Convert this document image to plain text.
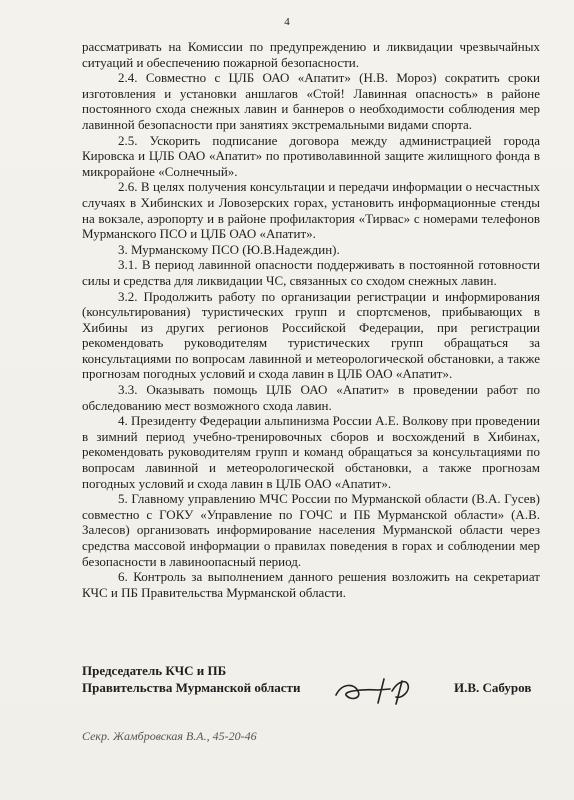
4

рассматривать на Комиссии по предупреждению и ликвидации чрезвычайных ситуаций и обеспечению пожарной безопасности.

2.4. Совместно с ЦЛБ ОАО «Апатит» (Н.В. Мороз) сократить сроки изготовления и установки аншлагов «Стой! Лавинная опасность» в районе постоянного схода снежных лавин и баннеров о необходимости соблюдения мер лавинной безопасности при занятиях экстремальными видами спорта.

2.5. Ускорить подписание договора между администрацией города Кировска и ЦЛБ ОАО «Апатит» по противолавинной защите жилищного фонда в микрорайоне «Солнечный».

2.6. В целях получения консультации и передачи информации о несчастных случаях в Хибинских и Ловозерских горах, установить информационные стенды на вокзале, аэропорту и в районе профилактория «Тирвас» с номерами телефонов Мурманского ПСО и ЦЛБ ОАО «Апатит».

3. Мурманскому ПСО (Ю.В.Надеждин).

3.1. В период лавинной опасности поддерживать в постоянной готовности силы и средства для ликвидации ЧС, связанных со сходом снежных лавин.

3.2. Продолжить работу по организации регистрации и информирования (консультирования) туристических групп и спортсменов, прибывающих в Хибины из других регионов Российской Федерации, при регистрации рекомендовать руководителям туристических групп обращаться за консультациями по вопросам лавинной и метеорологической обстановки, а также прогнозам погодных условий и схода лавин в ЦЛБ ОАО «Апатит».

3.3. Оказывать помощь ЦЛБ ОАО «Апатит» в проведении работ по обследованию мест возможного схода лавин.

4. Президенту Федерации альпинизма России А.Е. Волкову при проведении в зимний период учебно-тренировочных сборов и восхождений в Хибинах, рекомендовать руководителям групп и команд обращаться за консультациями по вопросам лавинной и метеорологической обстановки, а также прогнозам погодных условий и схода лавин в ЦЛБ ОАО «Апатит».

5. Главному управлению МЧС России по Мурманской области (В.А. Гусев) совместно с ГОКУ «Управление по ГОЧС и ПБ Мурманской области» (А.В. Залесов) организовать информирование населения Мурманской области через средства массовой информации о правилах поведения в горах и соблюдении мер безопасности в лавиноопасный период.

6. Контроль за выполнением данного решения возложить на секретариат КЧС и ПБ Правительства Мурманской области.

Председатель КЧС и ПБ
Правительства Мурманской области	И.В. Сабуров
Секр. Жамбровская В.А., 45-20-46
